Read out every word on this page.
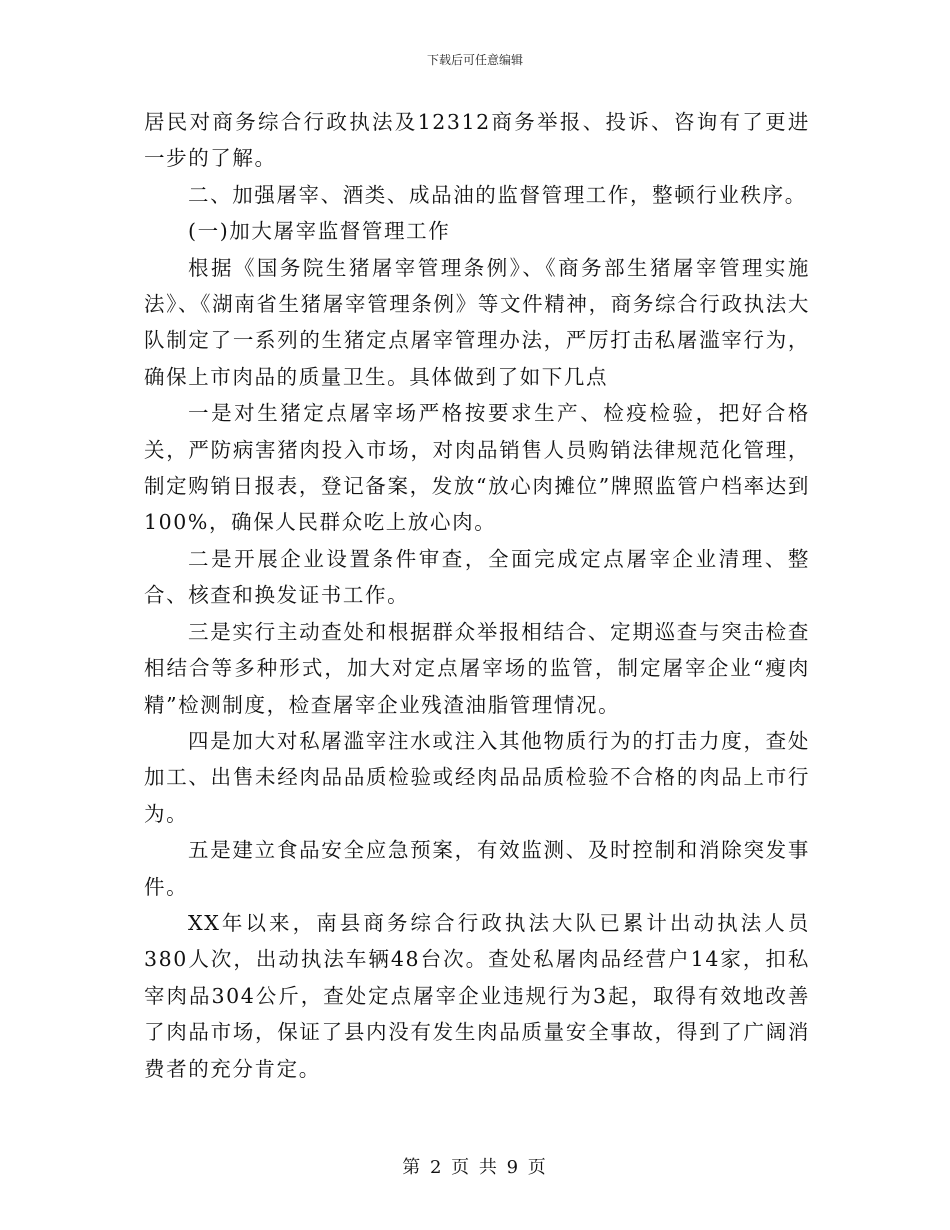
下载后可任意编辑

居民对商务综合行政执法及12312商务举报、投诉、咨询有了更进一步的了解。

二、加强屠宰、酒类、成品油的监督管理工作，整顿行业秩序。

(一)加大屠宰监督管理工作

根据《国务院生猪屠宰管理条例》、《商务部生猪屠宰管理实施法》、《湖南省生猪屠宰管理条例》等文件精神，商务综合行政执法大队制定了一系列的生猪定点屠宰管理办法，严厉打击私屠滥宰行为，确保上市肉品的质量卫生。具体做到了如下几点

一是对生猪定点屠宰场严格按要求生产、检疫检验，把好合格关，严防病害猪肉投入市场，对肉品销售人员购销法律规范化管理，制定购销日报表，登记备案，发放“放心肉摊位”牌照监管户档率达到100%，确保人民群众吃上放心肉。

二是开展企业设置条件审查，全面完成定点屠宰企业清理、整合、核查和换发证书工作。

三是实行主动查处和根据群众举报相结合、定期巡查与突击检查相结合等多种形式，加大对定点屠宰场的监管，制定屠宰企业“瘦肉精”检测制度，检查屠宰企业残渣油脂管理情况。

四是加大对私屠滥宰注水或注入其他物质行为的打击力度，查处加工、出售未经肉品品质检验或经肉品品质检验不合格的肉品上市行为。

五是建立食品安全应急预案，有效监测、及时控制和消除突发事件。

XX年以来，南县商务综合行政执法大队已累计出动执法人员380人次，出动执法车辆48台次。查处私屠肉品经营户14家，扣私宰肉品304公斤，查处定点屠宰企业违规行为3起，取得有效地改善了肉品市场，保证了县内没有发生肉品质量安全事故，得到了广阔消费者的充分肯定。

第 2 页 共 9 页
